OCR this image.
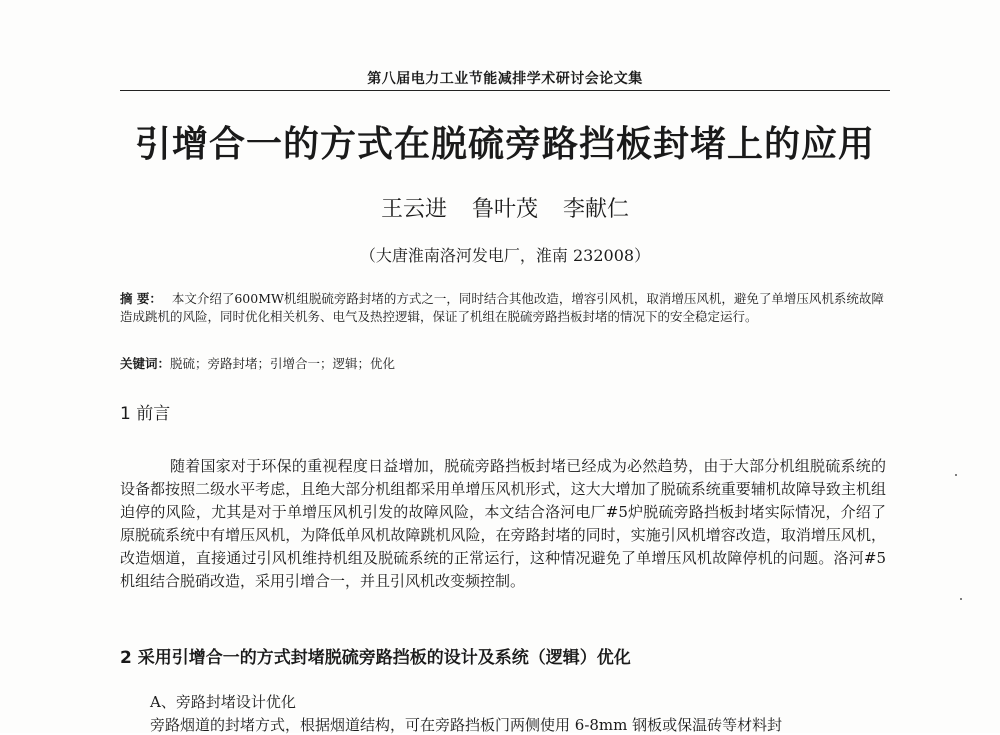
第八届电力工业节能减排学术研讨会论文集
引增合一的方式在脱硫旁路挡板封堵上的应用
王云进 鲁叶茂 李献仁
（大唐淮南洛河发电厂，淮南 232008）
摘 要： 本文介绍了600MW机组脱硫旁路封堵的方式之一，同时结合其他改造，增容引风机，取消增压风机，避免了单增压风机系统故障造成跳机的风险，同时优化相关机务、电气及热控逻辑，保证了机组在脱硫旁路挡板封堵的情况下的安全稳定运行。
关键词：脱硫；旁路封堵；引增合一；逻辑；优化
1 前言
随着国家对于环保的重视程度日益增加，脱硫旁路挡板封堵已经成为必然趋势，由于大部分机组脱硫系统的设备都按照二级水平考虑，且绝大部分机组都采用单增压风机形式，这大大增加了脱硫系统重要辅机故障导致主机组迫停的风险，尤其是对于单增压风机引发的故障风险，本文结合洛河电厂#5炉脱硫旁路挡板封堵实际情况，介绍了原脱硫系统中有增压风机，为降低单风机故障跳机风险，在旁路封堵的同时，实施引风机增容改造，取消增压风机，改造烟道，直接通过引风机维持机组及脱硫系统的正常运行，这种情况避免了单增压风机故障停机的问题。洛河#5机组结合脱硝改造，采用引增合一，并且引风机改变频控制。
2 采用引增合一的方式封堵脱硫旁路挡板的设计及系统（逻辑）优化
A、旁路封堵设计优化
旁路烟道的封堵方式，根据烟道结构，可在旁路挡板门两侧使用 6-8mm 钢板或保温砖等材料封
